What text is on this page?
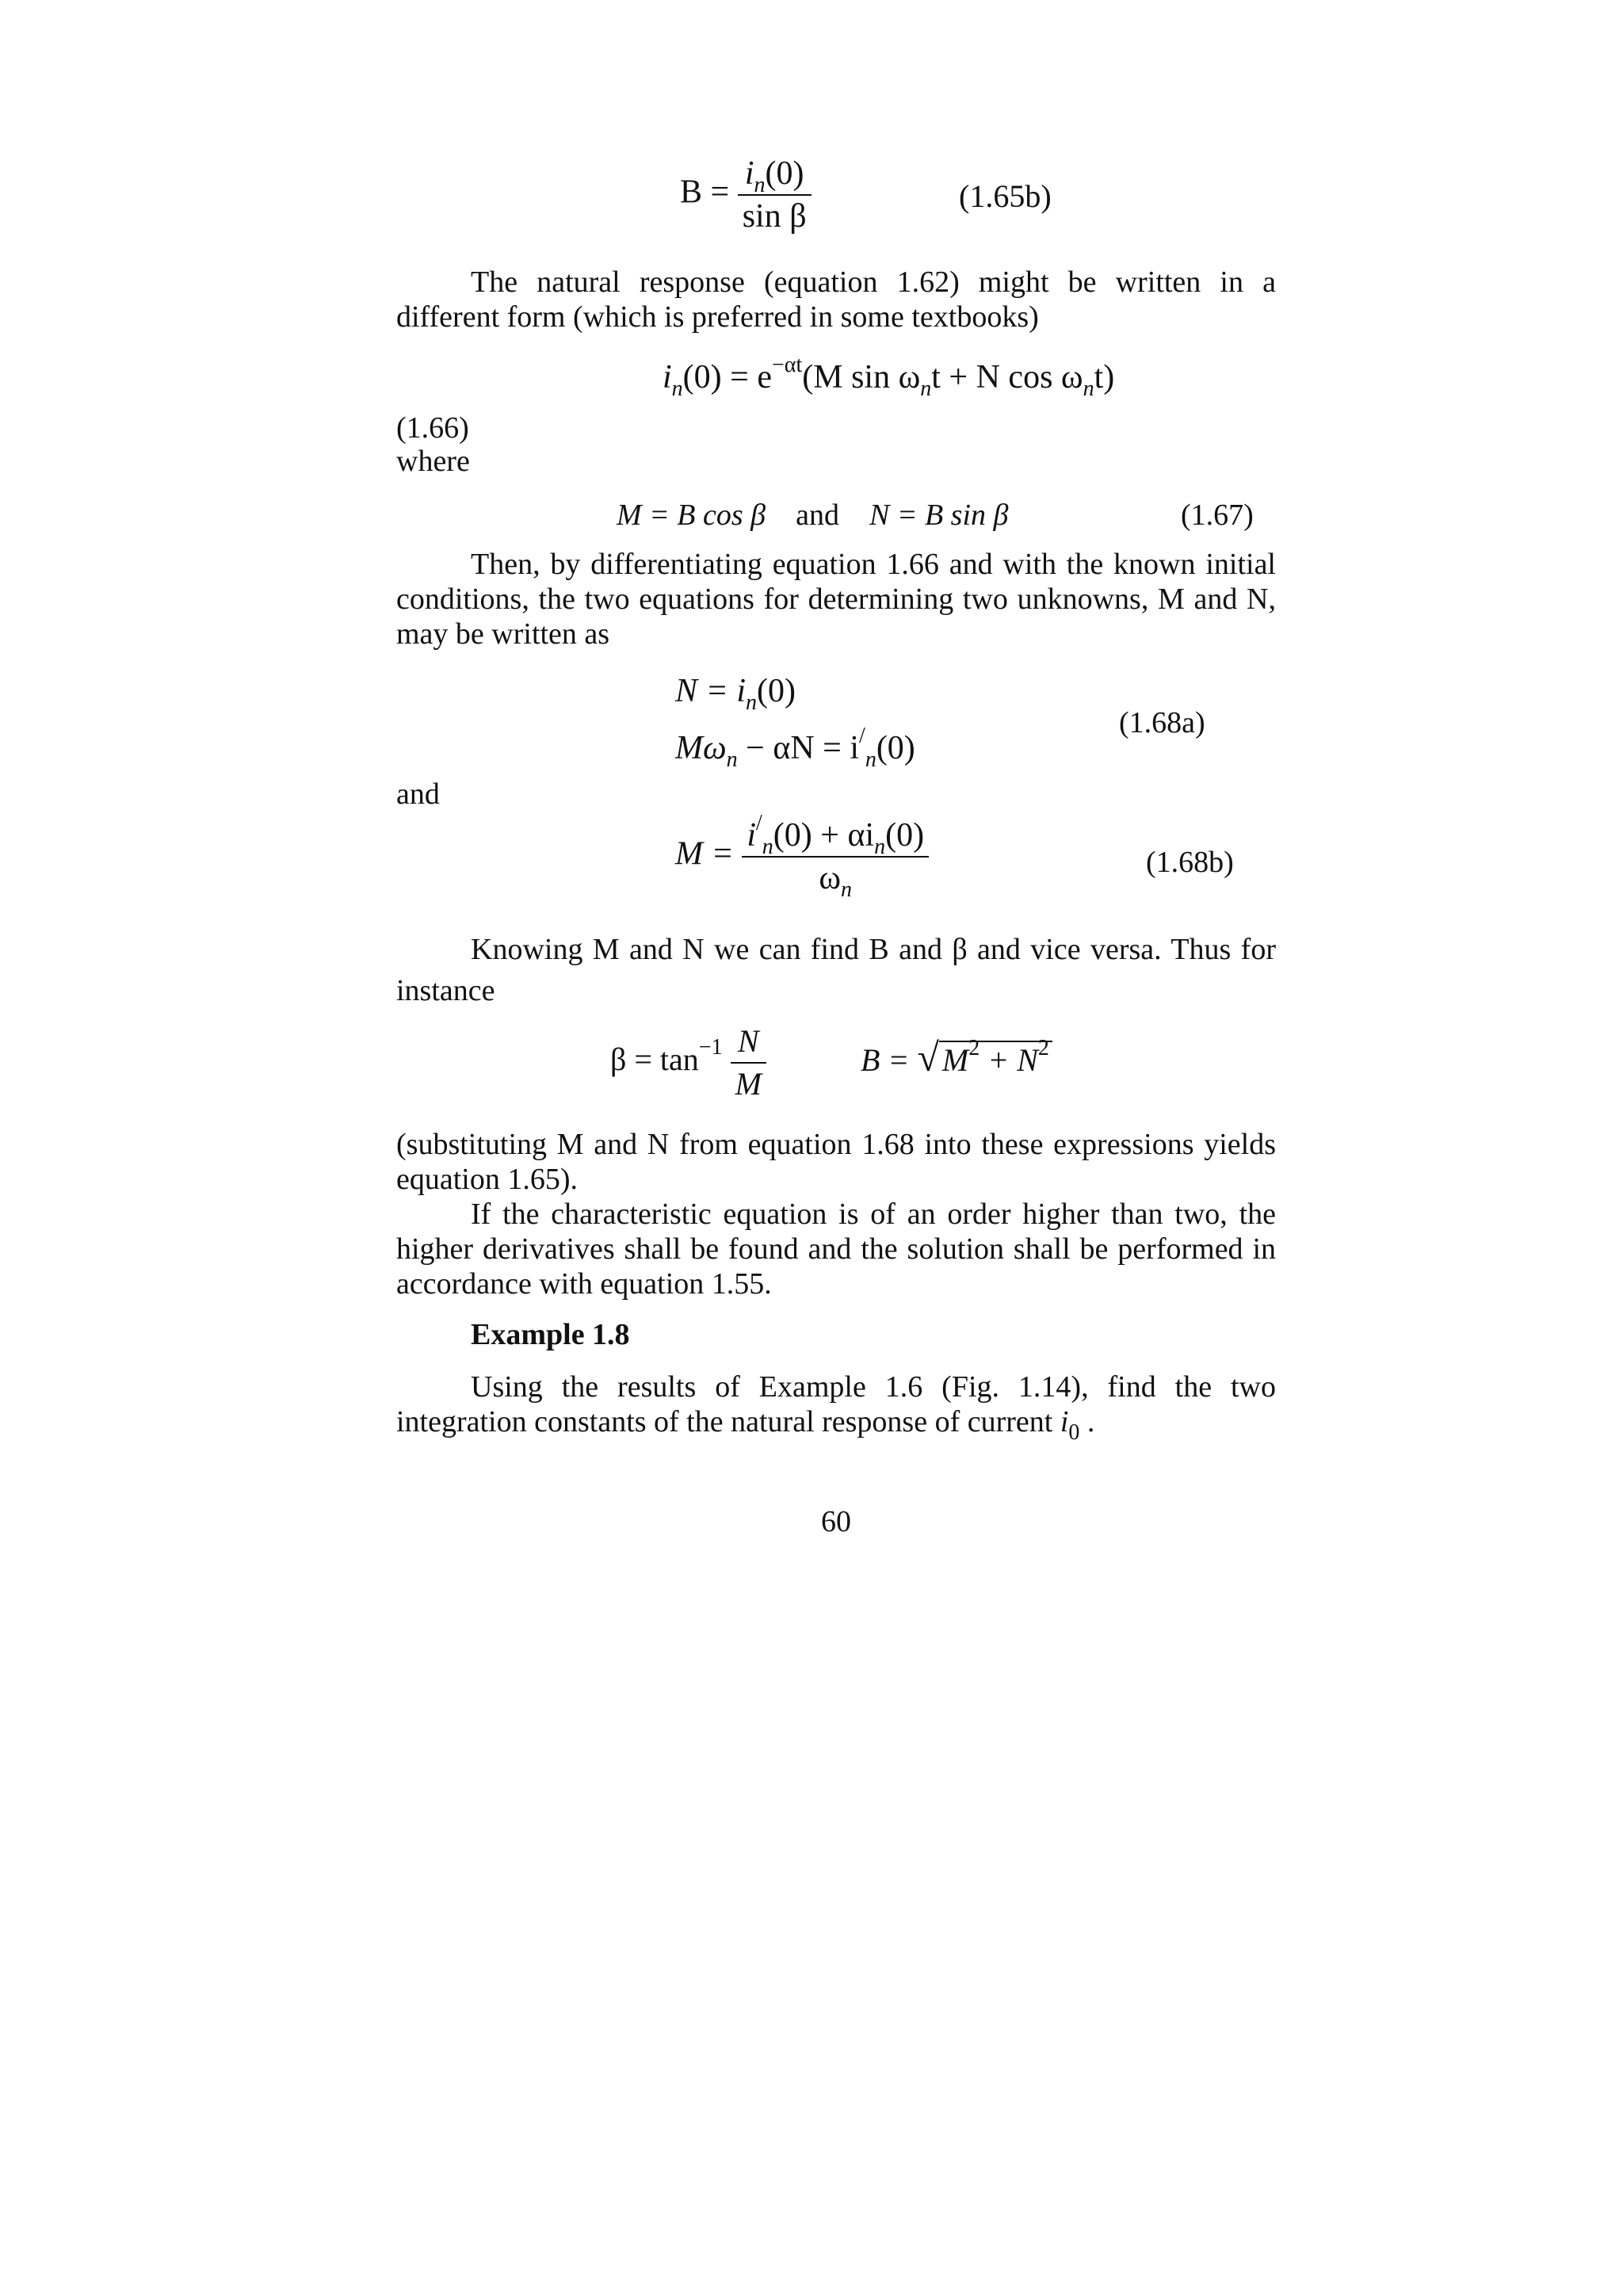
$B = \frac{i_n(0)}{\text{sin β}}$	(1.65b)
The natural response (equation 1.62) might be written in a different form (which is preferred in some textbooks)
$i_n(0) = e^{-\alpha t}(M$ $\sin \omega_nt + N$ $\cos \omega_nt$)
(1.66)
where
M = B cos β and N = B sin β	(1.67)
Then, by differentiating equation 1.66 and with the known initial conditions, the two equations for determining two unknowns, M and N, may be written as
$N = i_n(0)$
$M\omega_n - \alpha N = i^/_n(0)$
(1.68a)
and
$M = \frac{i^/_n(0) + \alpha i_n(0)}{\omega_n}$	(1.68b)
Knowing M and N we can find B and β and vice versa. Thus for instance
$\beta = \tan^{-1} \frac{N}{M}$	B = √ $M^2 + N^2$
(substituting M and N from equation 1.68 into these expressions yields equation 1.65).
If the characteristic equation is of an order higher than two, the higher derivatives shall be found and the solution shall be performed in accordance with equation 1.55.
Example 1.8
Using the results of Example 1.6 (Fig. 1.14), find the two integration constants of the natural response of current $i_0$ .
60
